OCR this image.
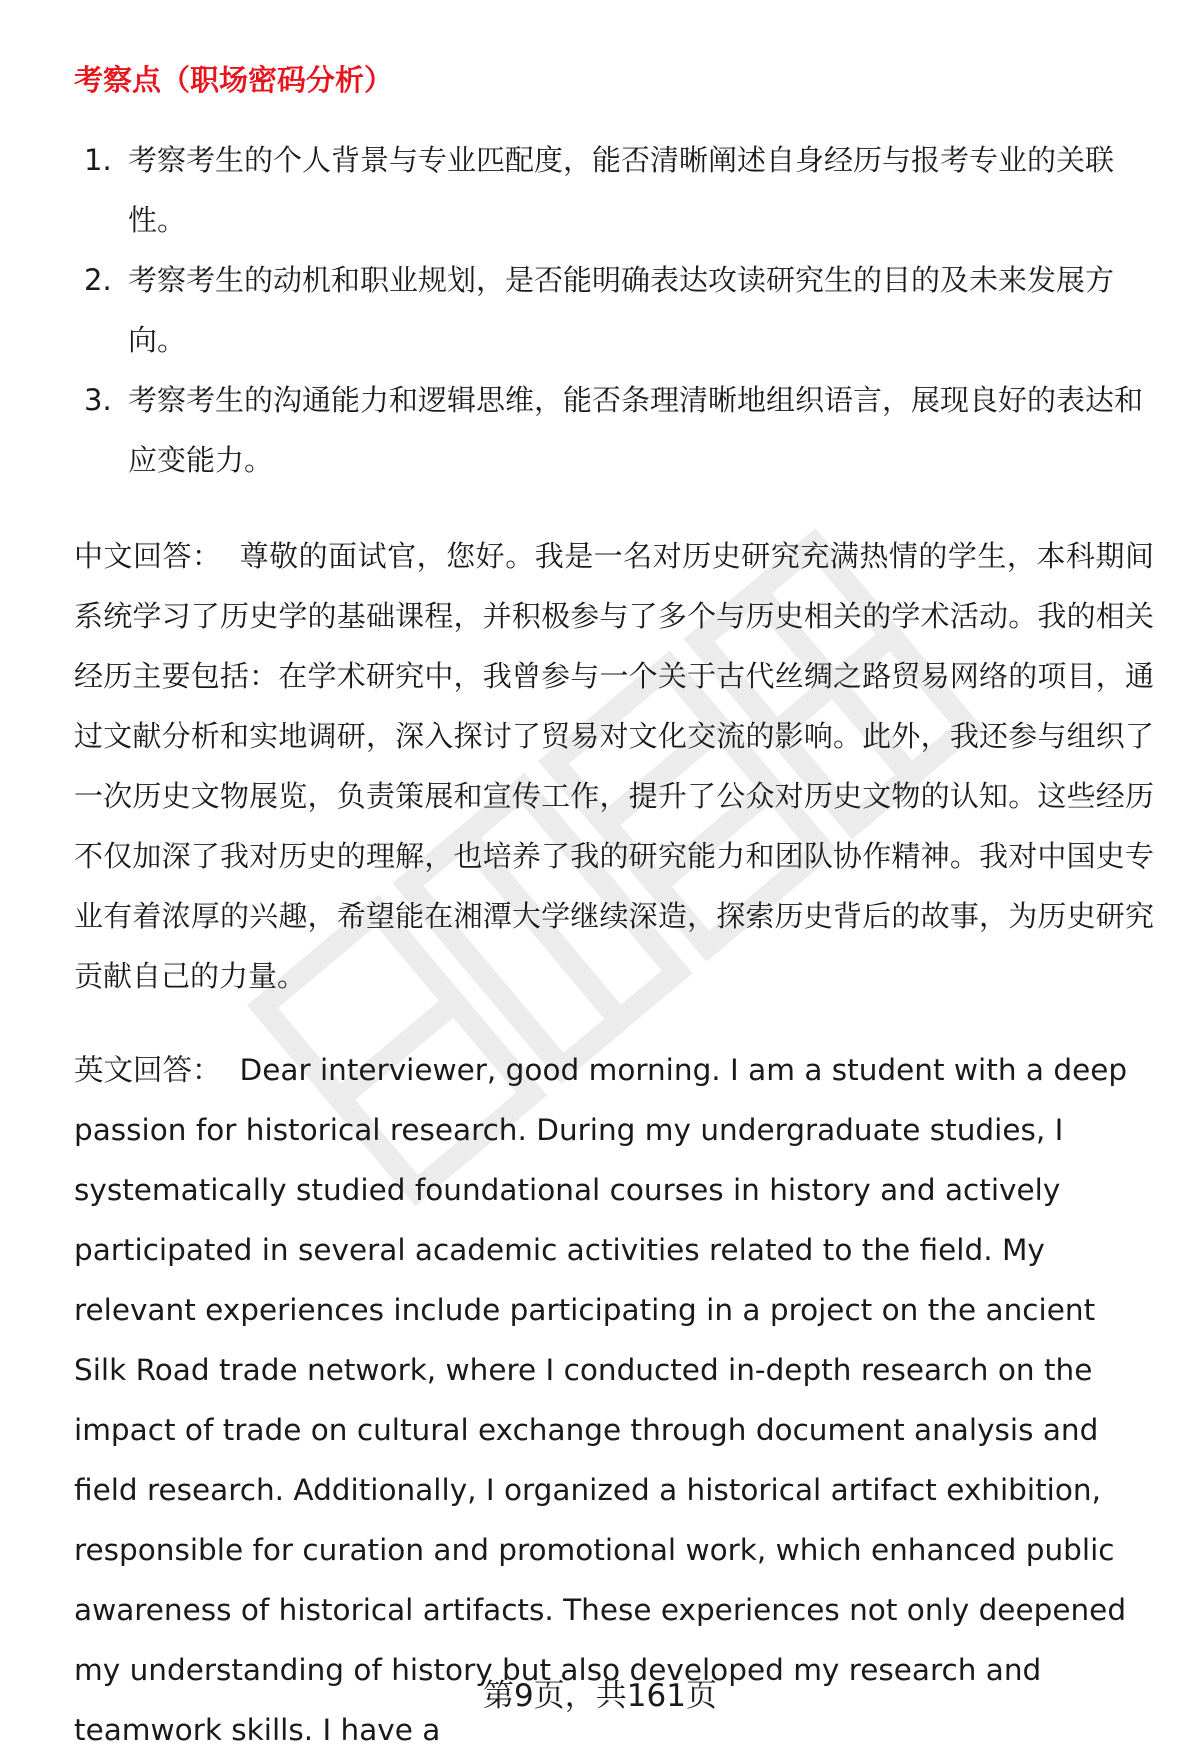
考察点（职场密码分析）
1. 考察考生的个人背景与专业匹配度，能否清晰阐述自身经历与报考专业的关联性。
2. 考察考生的动机和职业规划，是否能明确表达攻读研究生的目的及未来发展方向。
3. 考察考生的沟通能力和逻辑思维，能否条理清晰地组织语言，展现良好的表达和应变能力。

中文回答： 尊敬的面试官，您好。我是一名对历史研究充满热情的学生，本科期间系统学习了历史学的基础课程，并积极参与了多个与历史相关的学术活动。我的相关经历主要包括：在学术研究中，我曾参与一个关于古代丝绸之路贸易网络的项目，通过文献分析和实地调研，深入探讨了贸易对文化交流的影响。此外，我还参与组织了一次历史文物展览，负责策展和宣传工作，提升了公众对历史文物的认知。这些经历不仅加深了我对历史的理解，也培养了我的研究能力和团队协作精神。我对中国史专业有着浓厚的兴趣，希望能在湘潭大学继续深造，探索历史背后的故事，为历史研究贡献自己的力量。

英文回答： Dear interviewer, good morning. I am a student with a deep passion for historical research. During my undergraduate studies, I systematically studied foundational courses in history and actively participated in several academic activities related to the field. My relevant experiences include participating in a project on the ancient Silk Road trade network, where I conducted in-depth research on the impact of trade on cultural exchange through document analysis and field research. Additionally, I organized a historical artifact exhibition, responsible for curation and promotional work, which enhanced public awareness of historical artifacts. These experiences not only deepened my understanding of history but also developed my research and teamwork skills. I have a

第9页，共161页
